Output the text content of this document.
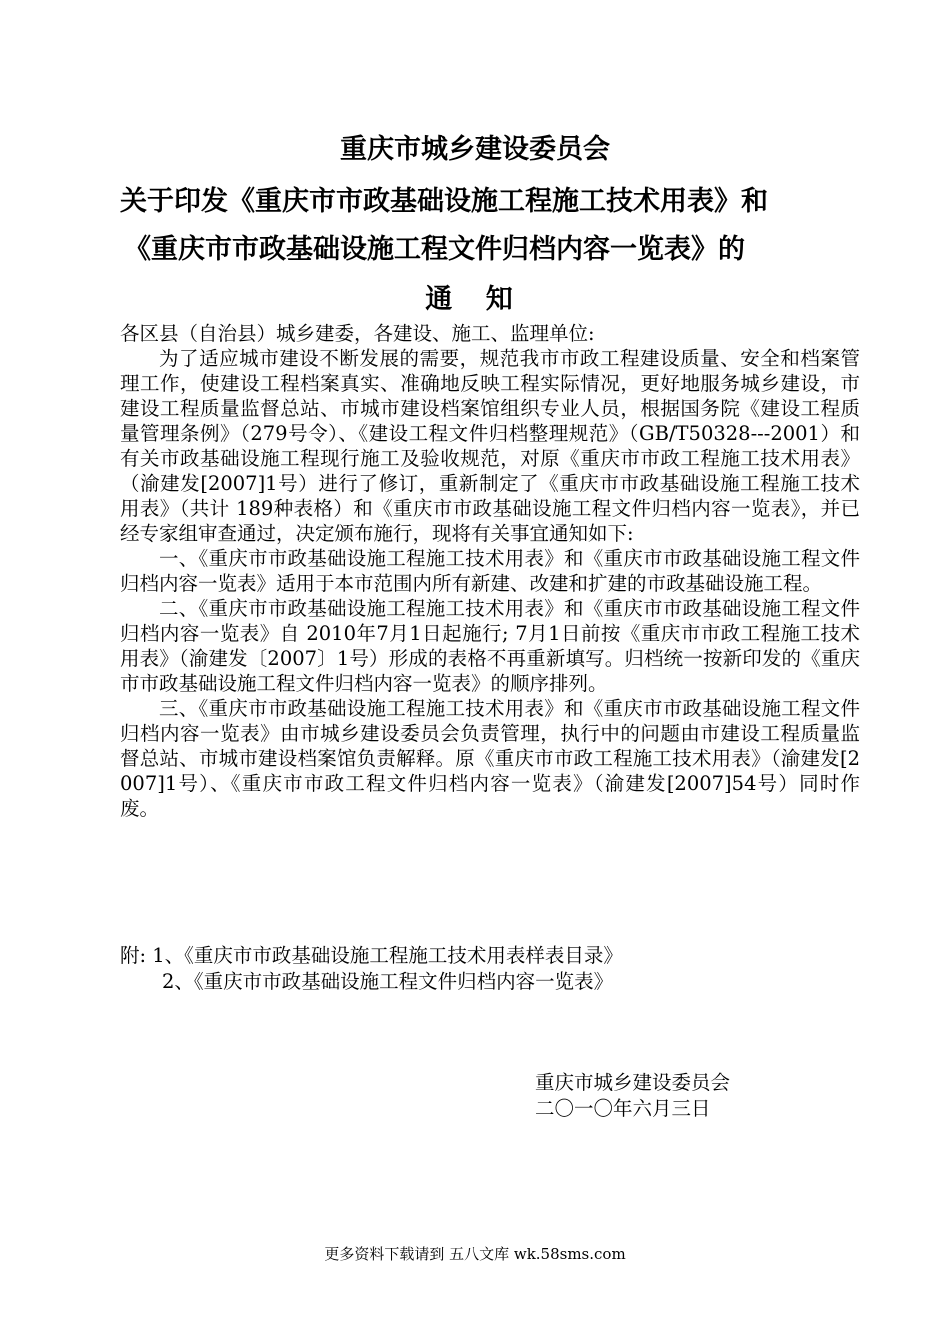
重庆市城乡建设委员会
关于印发《重庆市市政基础设施工程施工技术用表》和
《重庆市市政基础设施工程文件归档内容一览表》的
通 知

各区县（自治县）城乡建委，各建设、施工、监理单位:

为了适应城市建设不断发展的需要，规范我市市政工程建设质量、安全和档案管理工作，使建设工程档案真实、准确地反映工程实际情况，更好地服务城乡建设，市建设工程质量监督总站、市城市建设档案馆组织专业人员，根据国务院《建设工程质量管理条例》（279号令）、《建设工程文件归档整理规范》（GB/T50328---2001）和有关市政基础设施工程现行施工及验收规范，对原《重庆市市政工程施工技术用表》（渝建发[2007]1号）进行了修订，重新制定了《重庆市市政基础设施工程施工技术用表》（共计 189种表格）和《重庆市市政基础设施工程文件归档内容一览表》，并已经专家组审查通过，决定颁布施行，现将有关事宜通知如下:

一、《重庆市市政基础设施工程施工技术用表》和《重庆市市政基础设施工程文件归档内容一览表》适用于本市范围内所有新建、改建和扩建的市政基础设施工程。

二、《重庆市市政基础设施工程施工技术用表》和《重庆市市政基础设施工程文件归档内容一览表》自 2010年7月1日起施行; 7月1日前按《重庆市市政工程施工技术用表》（渝建发〔2007〕1号）形成的表格不再重新填写。归档统一按新印发的《重庆市市政基础设施工程文件归档内容一览表》的顺序排列。

三、《重庆市市政基础设施工程施工技术用表》和《重庆市市政基础设施工程文件归档内容一览表》由市城乡建设委员会负责管理，执行中的问题由市建设工程质量监督总站、市城市建设档案馆负责解释。原《重庆市市政工程施工技术用表》（渝建发[2007]1号）、《重庆市市政工程文件归档内容一览表》（渝建发[2007]54号）同时作废。

附: 1、《重庆市市政基础设施工程施工技术用表样表目录》
2、《重庆市市政基础设施工程文件归档内容一览表》
重庆市城乡建设委员会
二〇一〇年六月三日
更多资料下载请到 五八文库 wk.58sms.com
